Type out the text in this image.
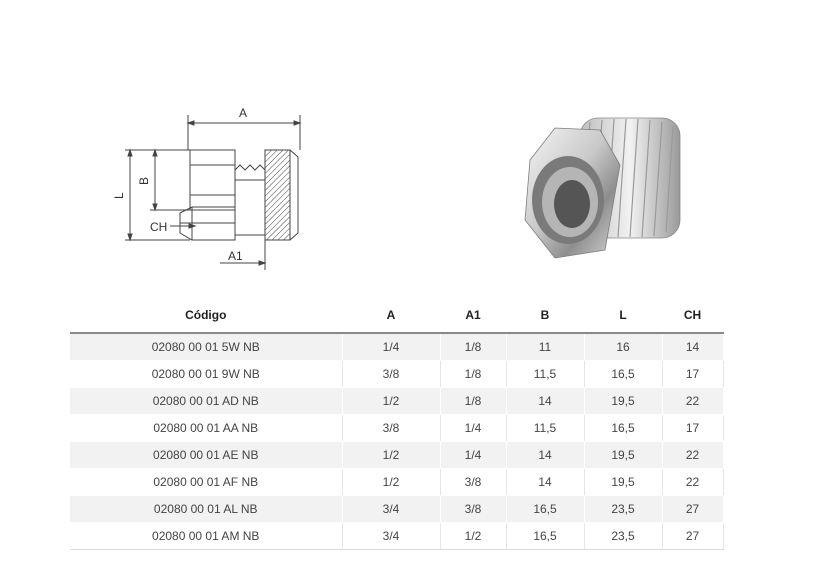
A
L
B
CH
A1
Código	A	A1	B	L	CH
02080 00 01 5W NB	1/4	1/8	11	16	14
02080 00 01 9W NB	3/8	1/8	11,5	16,5	17
02080 00 01 AD NB	1/2	1/8	14	19,5	22
02080 00 01 AA NB	3/8	1/4	11,5	16,5	17
02080 00 01 AE NB	1/2	1/4	14	19,5	22
02080 00 01 AF NB	1/2	3/8	14	19,5	22
02080 00 01 AL NB	3/4	3/8	16,5	23,5	27
02080 00 01 AM NB	3/4	1/2	16,5	23,5	27
